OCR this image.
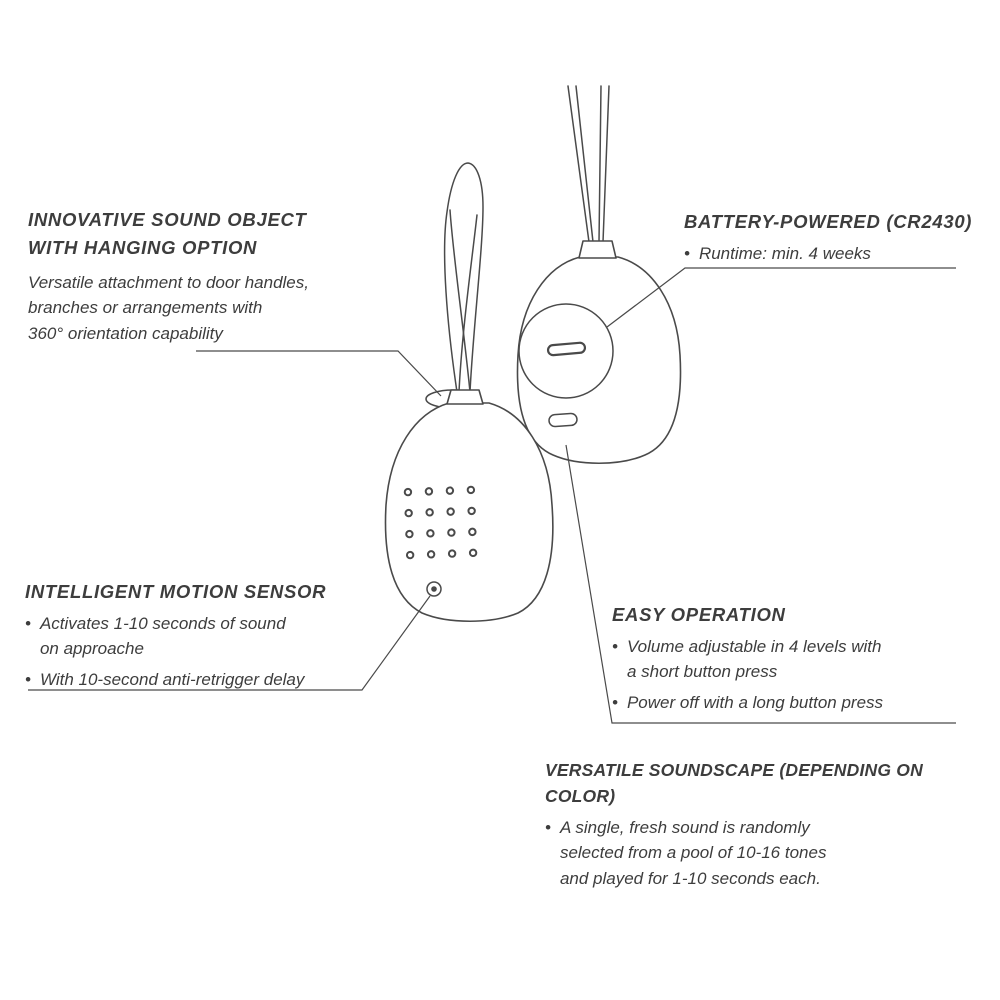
INNOVATIVE SOUND OBJECT
WITH HANGING OPTION
Versatile attachment to door handles,
branches or arrangements with
360° orientation capability
BATTERY-POWERED (CR2430)
• Runtime: min. 4 weeks
INTELLIGENT MOTION SENSOR
• Activates 1-10 seconds of sound
on approache
• With 10-second anti-retrigger delay
EASY OPERATION
• Volume adjustable in 4 levels with
a short button press
• Power off with a long button press
VERSATILE SOUNDSCAPE (DEPENDING ON COLOR)
• A single, fresh sound is randomly
selected from a pool of 10-16 tones
and played for 1-10 seconds each.
